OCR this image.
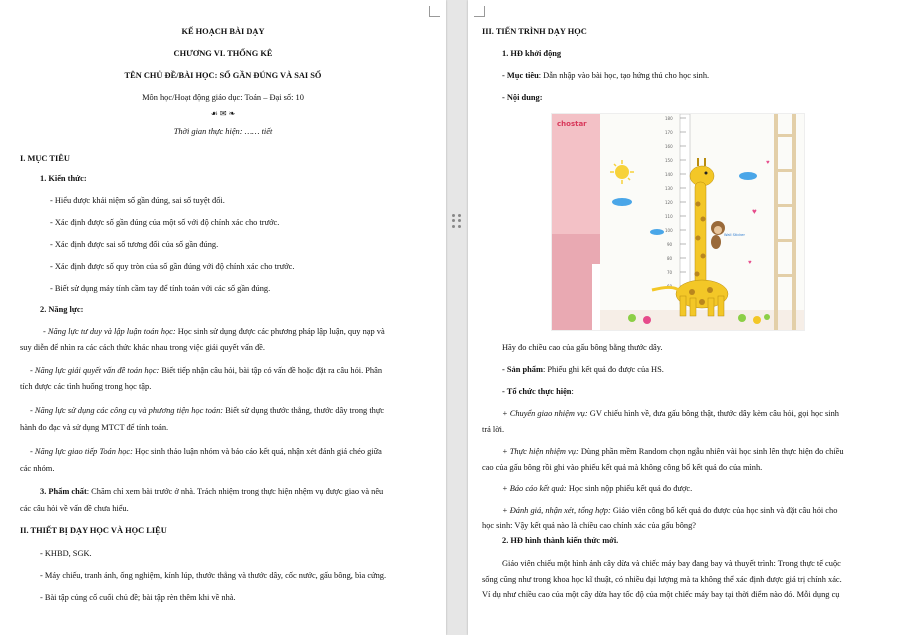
KẾ HOẠCH BÀI DẠY
CHƯƠNG VI. THỐNG KÊ
TÊN CHỦ ĐỀ/BÀI HỌC: SỐ GẦN ĐÚNG VÀ SAI SỐ
Môn học/Hoạt động giáo dục: Toán – Đại số: 10
☙ ✉ ❧
Thời gian thực hiện: …… tiết
I. MỤC TIÊU
1. Kiến thức:
- Hiểu được khái niệm số gần đúng, sai số tuyệt đối.
- Xác định được số gần đúng của một số với độ chính xác cho trước.
- Xác định được sai số tương đối của số gần đúng.
- Xác định được số quy tròn của số gần đúng với độ chính xác cho trước.
- Biết sử dụng máy tính cầm tay để tính toán với các số gần đúng.
2. Năng lực:
- Năng lực tư duy và lập luận toán học: Học sinh sử dụng được các phương pháp lập luận, quy nạp và
suy diễn để nhìn ra các cách thức khác nhau trong việc giải quyết vấn đề.
- Năng lực giải quyết vấn đề toán học: Biết tiếp nhận câu hỏi, bài tập có vấn đề hoặc đặt ra câu hỏi. Phân
tích được các tình huống trong học tập.
- Năng lực sử dụng các công cụ và phương tiện học toán: Biết sử dụng thước thẳng, thước dây trong thực
hành đo đạc và sử dụng MTCT để tính toán.
- Năng lực giao tiếp Toán học: Học sinh thảo luận nhóm và báo cáo kết quả, nhận xét đánh giá chéo giữa
các nhóm.
3. Phẩm chất: Chăm chỉ xem bài trước ở nhà. Trách nhiệm trong thực hiện nhệm vụ được giao và nêu
các câu hỏi về vấn đề chưa hiểu.
II. THIẾT BỊ DẠY HỌC VÀ HỌC LIỆU
- KHBD, SGK.
- Máy chiếu, tranh ảnh, ống nghiệm, kính lúp, thước thẳng và thước dây, cốc nước, gấu bông, bìa cứng.
- Bài tập củng cố cuối chủ đề; bài tập rèn thêm khi về nhà.
III. TIẾN TRÌNH DẠY HỌC
1. HĐ khởi động
- Mục tiêu: Dẫn nhập vào bài học, tạo hứng thú cho học sinh.
- Nội dung:
180
170
160
150
140
130
120
110
100
90
80
70
60
chostar
♥
♥
♥
Wall Sticker
Hãy đo chiều cao của gấu bông bằng thước dây.
- Sản phẩm: Phiếu ghi kết quả đo được của HS.
- Tổ chức thực hiện:
+ Chuyển giao nhiệm vụ: GV chiếu hình về, đưa gấu bông thật, thước dây kèm câu hỏi, gọi học sinh
trả lời.
+ Thực hiện nhiệm vụ: Dùng phần mềm Random chọn ngẫu nhiên vài học sinh lên thực hiện đo chiều
cao của gấu bông rồi ghi vào phiếu kết quả mà không công bố kết quả đo của mình.
+ Báo cáo kết quả: Học sinh nộp phiếu kết quả đo được.
+ Đánh giá, nhận xét, tổng hợp: Giáo viên công bố kết quả đo được của học sinh và đặt câu hỏi cho
học sinh: Vậy kết quả nào là chiều cao chính xác của gấu bông?
2. HĐ hình thành kiến thức mới.
Giáo viên chiếu một hình ảnh cây dừa và chiếc máy bay đang bay và thuyết trình: Trong thực tế cuộc
sống cũng như trong khoa học kĩ thuật, có nhiều đại lượng mà ta không thể xác định được giá trị chính xác.
Ví dụ như chiều cao của một cây dừa hay tốc độ của một chiếc máy bay tại thời điểm nào đó. Mỗi dụng cụ
